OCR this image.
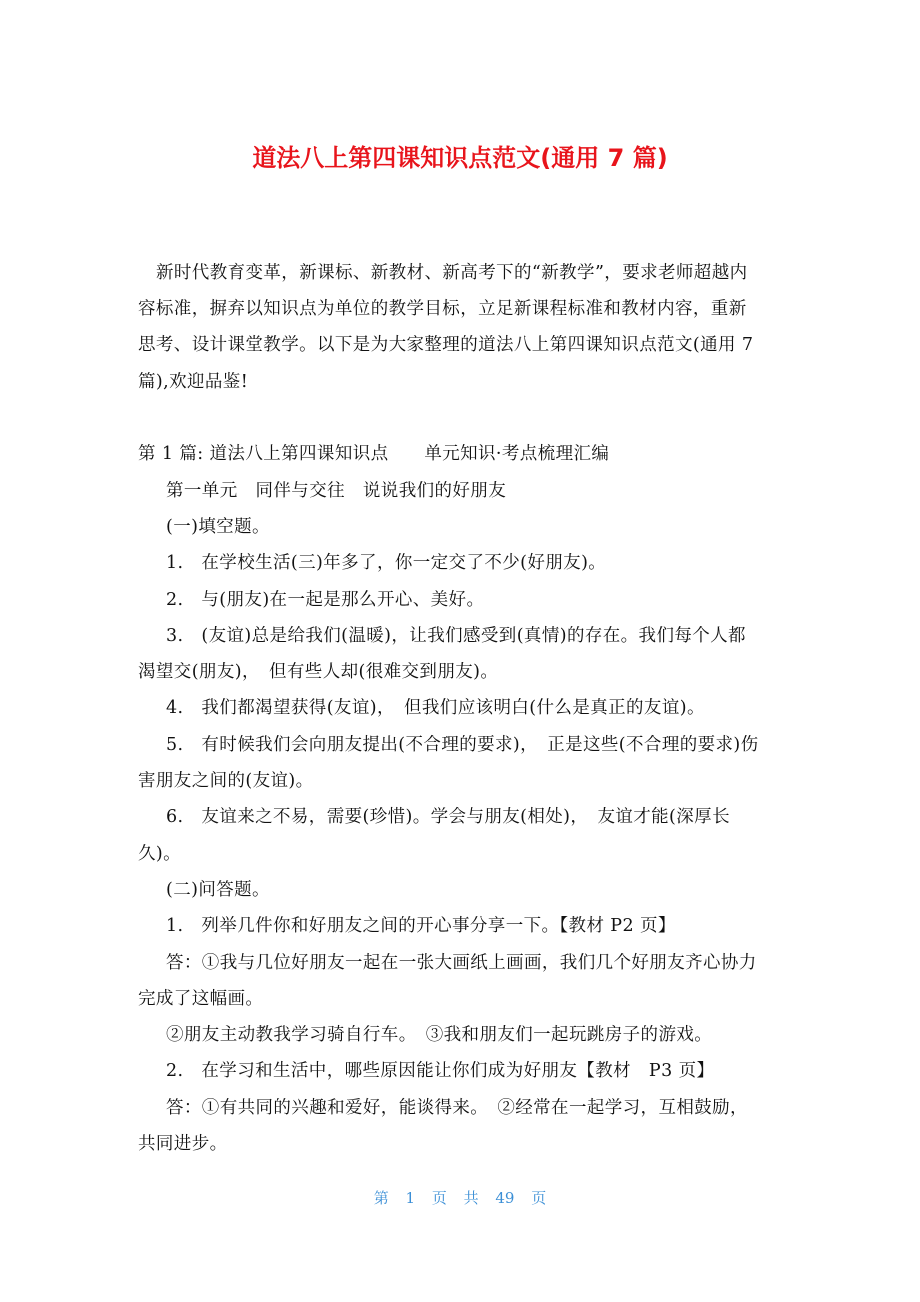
道法八上第四课知识点范文(通用 7 篇)
新时代教育变革，新课标、新教材、新高考下的“新教学”，要求老师超越内
容标准，摒弃以知识点为单位的教学目标，立足新课程标准和教材内容，重新
思考、设计课堂教学。以下是为大家整理的道法八上第四课知识点范文(通用 7
篇),欢迎品鉴!
第 1 篇: 道法八上第四课知识点　　单元知识·考点梳理汇编
第一单元　同伴与交往　说说我们的好朋友
(一)填空题。
1.　在学校生活(三)年多了，你一定交了不少(好朋友)。
2.　与(朋友)在一起是那么开心、美好。
3.　(友谊)总是给我们(温暖)，让我们感受到(真情)的存在。我们每个人都
渴望交(朋友)，　但有些人却(很难交到朋友)。
4.　我们都渴望获得(友谊)，　但我们应该明白(什么是真正的友谊)。
5.　有时候我们会向朋友提出(不合理的要求)，　正是这些(不合理的要求)伤
害朋友之间的(友谊)。
6.　友谊来之不易，需要(珍惜)。学会与朋友(相处)，　友谊才能(深厚长
久)。
(二)问答题。
1.　列举几件你和好朋友之间的开心事分享一下。【教材 P2 页】
答：①我与几位好朋友一起在一张大画纸上画画，我们几个好朋友齐心协力
完成了这幅画。
②朋友主动教我学习骑自行车。　③我和朋友们一起玩跳房子的游戏。
2.　在学习和生活中，哪些原因能让你们成为好朋友【教材　P3 页】
答：①有共同的兴趣和爱好，能谈得来。　②经常在一起学习，互相鼓励，
共同进步。
第 1 页 共 49 页
